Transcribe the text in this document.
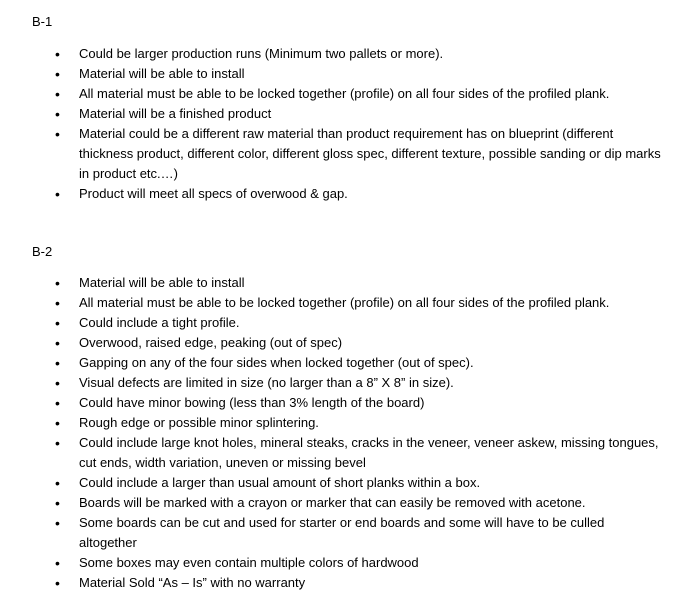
B-1
• Could be larger production runs (Minimum two pallets or more).
• Material will be able to install
• All material must be able to be locked together (profile) on all four sides of the profiled plank.
• Material will be a finished product
• Material could be a different raw material than product requirement has on blueprint (different thickness product, different color, different gloss spec, different texture, possible sanding or dip marks in product etc.…)
• Product will meet all specs of overwood & gap.
B-2
• Material will be able to install
• All material must be able to be locked together (profile) on all four sides of the profiled plank.
• Could include a tight profile.
• Overwood, raised edge, peaking (out of spec)
• Gapping on any of the four sides when locked together (out of spec).
• Visual defects are limited in size (no larger than a 8” X 8” in size).
• Could have minor bowing (less than 3% length of the board)
• Rough edge or possible minor splintering.
• Could include large knot holes, mineral steaks, cracks in the veneer, veneer askew, missing tongues, cut ends, width variation, uneven or missing bevel
• Could include a larger than usual amount of short planks within a box.
• Boards will be marked with a crayon or marker that can easily be removed with acetone.
• Some boards can be cut and used for starter or end boards and some will have to be culled altogether
• Some boxes may even contain multiple colors of hardwood
• Material Sold “As – Is” with no warranty
